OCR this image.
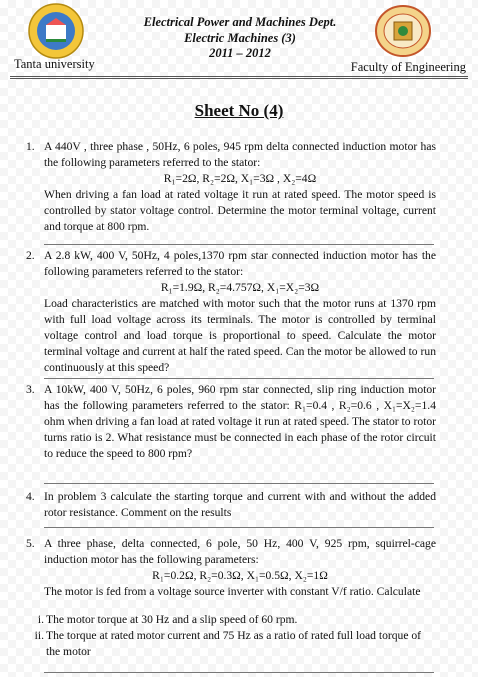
Electrical Power and Machines Dept.
Electric Machines (3)
2011 – 2012
Tanta university	Faculty of Engineering
Sheet No (4)
1. A 440V , three phase , 50Hz, 6 poles, 945 rpm delta connected induction motor has the following parameters referred to the stator:
R₁=2Ω, R₂=2Ω, X₁=3Ω , X₂=4Ω
When driving a fan load at rated voltage it run at rated speed. The motor speed is controlled by stator voltage control. Determine the motor terminal voltage, current and torque at 800 rpm.
2. A 2.8 kW, 400 V, 50Hz, 4 poles,1370 rpm star connected induction motor has the following parameters referred to the stator:
R₁=1.9Ω, R₂=4.757Ω, X₁=X₂=3Ω
Load characteristics are matched with motor such that the motor runs at 1370 rpm with full load voltage across its terminals. The motor is controlled by terminal voltage control and load torque is proportional to speed. Calculate the motor terminal voltage and current at half the rated speed. Can the motor be allowed to run continuously at this speed?
3. A 10kW, 400 V, 50Hz, 6 poles, 960 rpm star connected, slip ring induction motor has the following parameters referred to the stator: R₁=0.4 , R₂=0.6 , X₁=X₂=1.4 ohm when driving a fan load at rated voltage it run at rated speed. The stator to rotor turns ratio is 2. What resistance must be connected in each phase of the rotor circuit to reduce the speed to 800 rpm?
4. In problem 3 calculate the starting torque and current with and without the added rotor resistance. Comment on the results
5. A three phase, delta connected, 6 pole, 50 Hz, 400 V, 925 rpm, squirrel-cage induction motor has the following parameters:
R₁=0.2Ω, R₂=0.3Ω, X₁=0.5Ω, X₂=1Ω
The motor is fed from a voltage source inverter with constant V/f ratio. Calculate
i. The motor torque at 30 Hz and a slip speed of 60 rpm.
ii. The torque at rated motor current and 75 Hz as a ratio of rated full load torque of the motor
